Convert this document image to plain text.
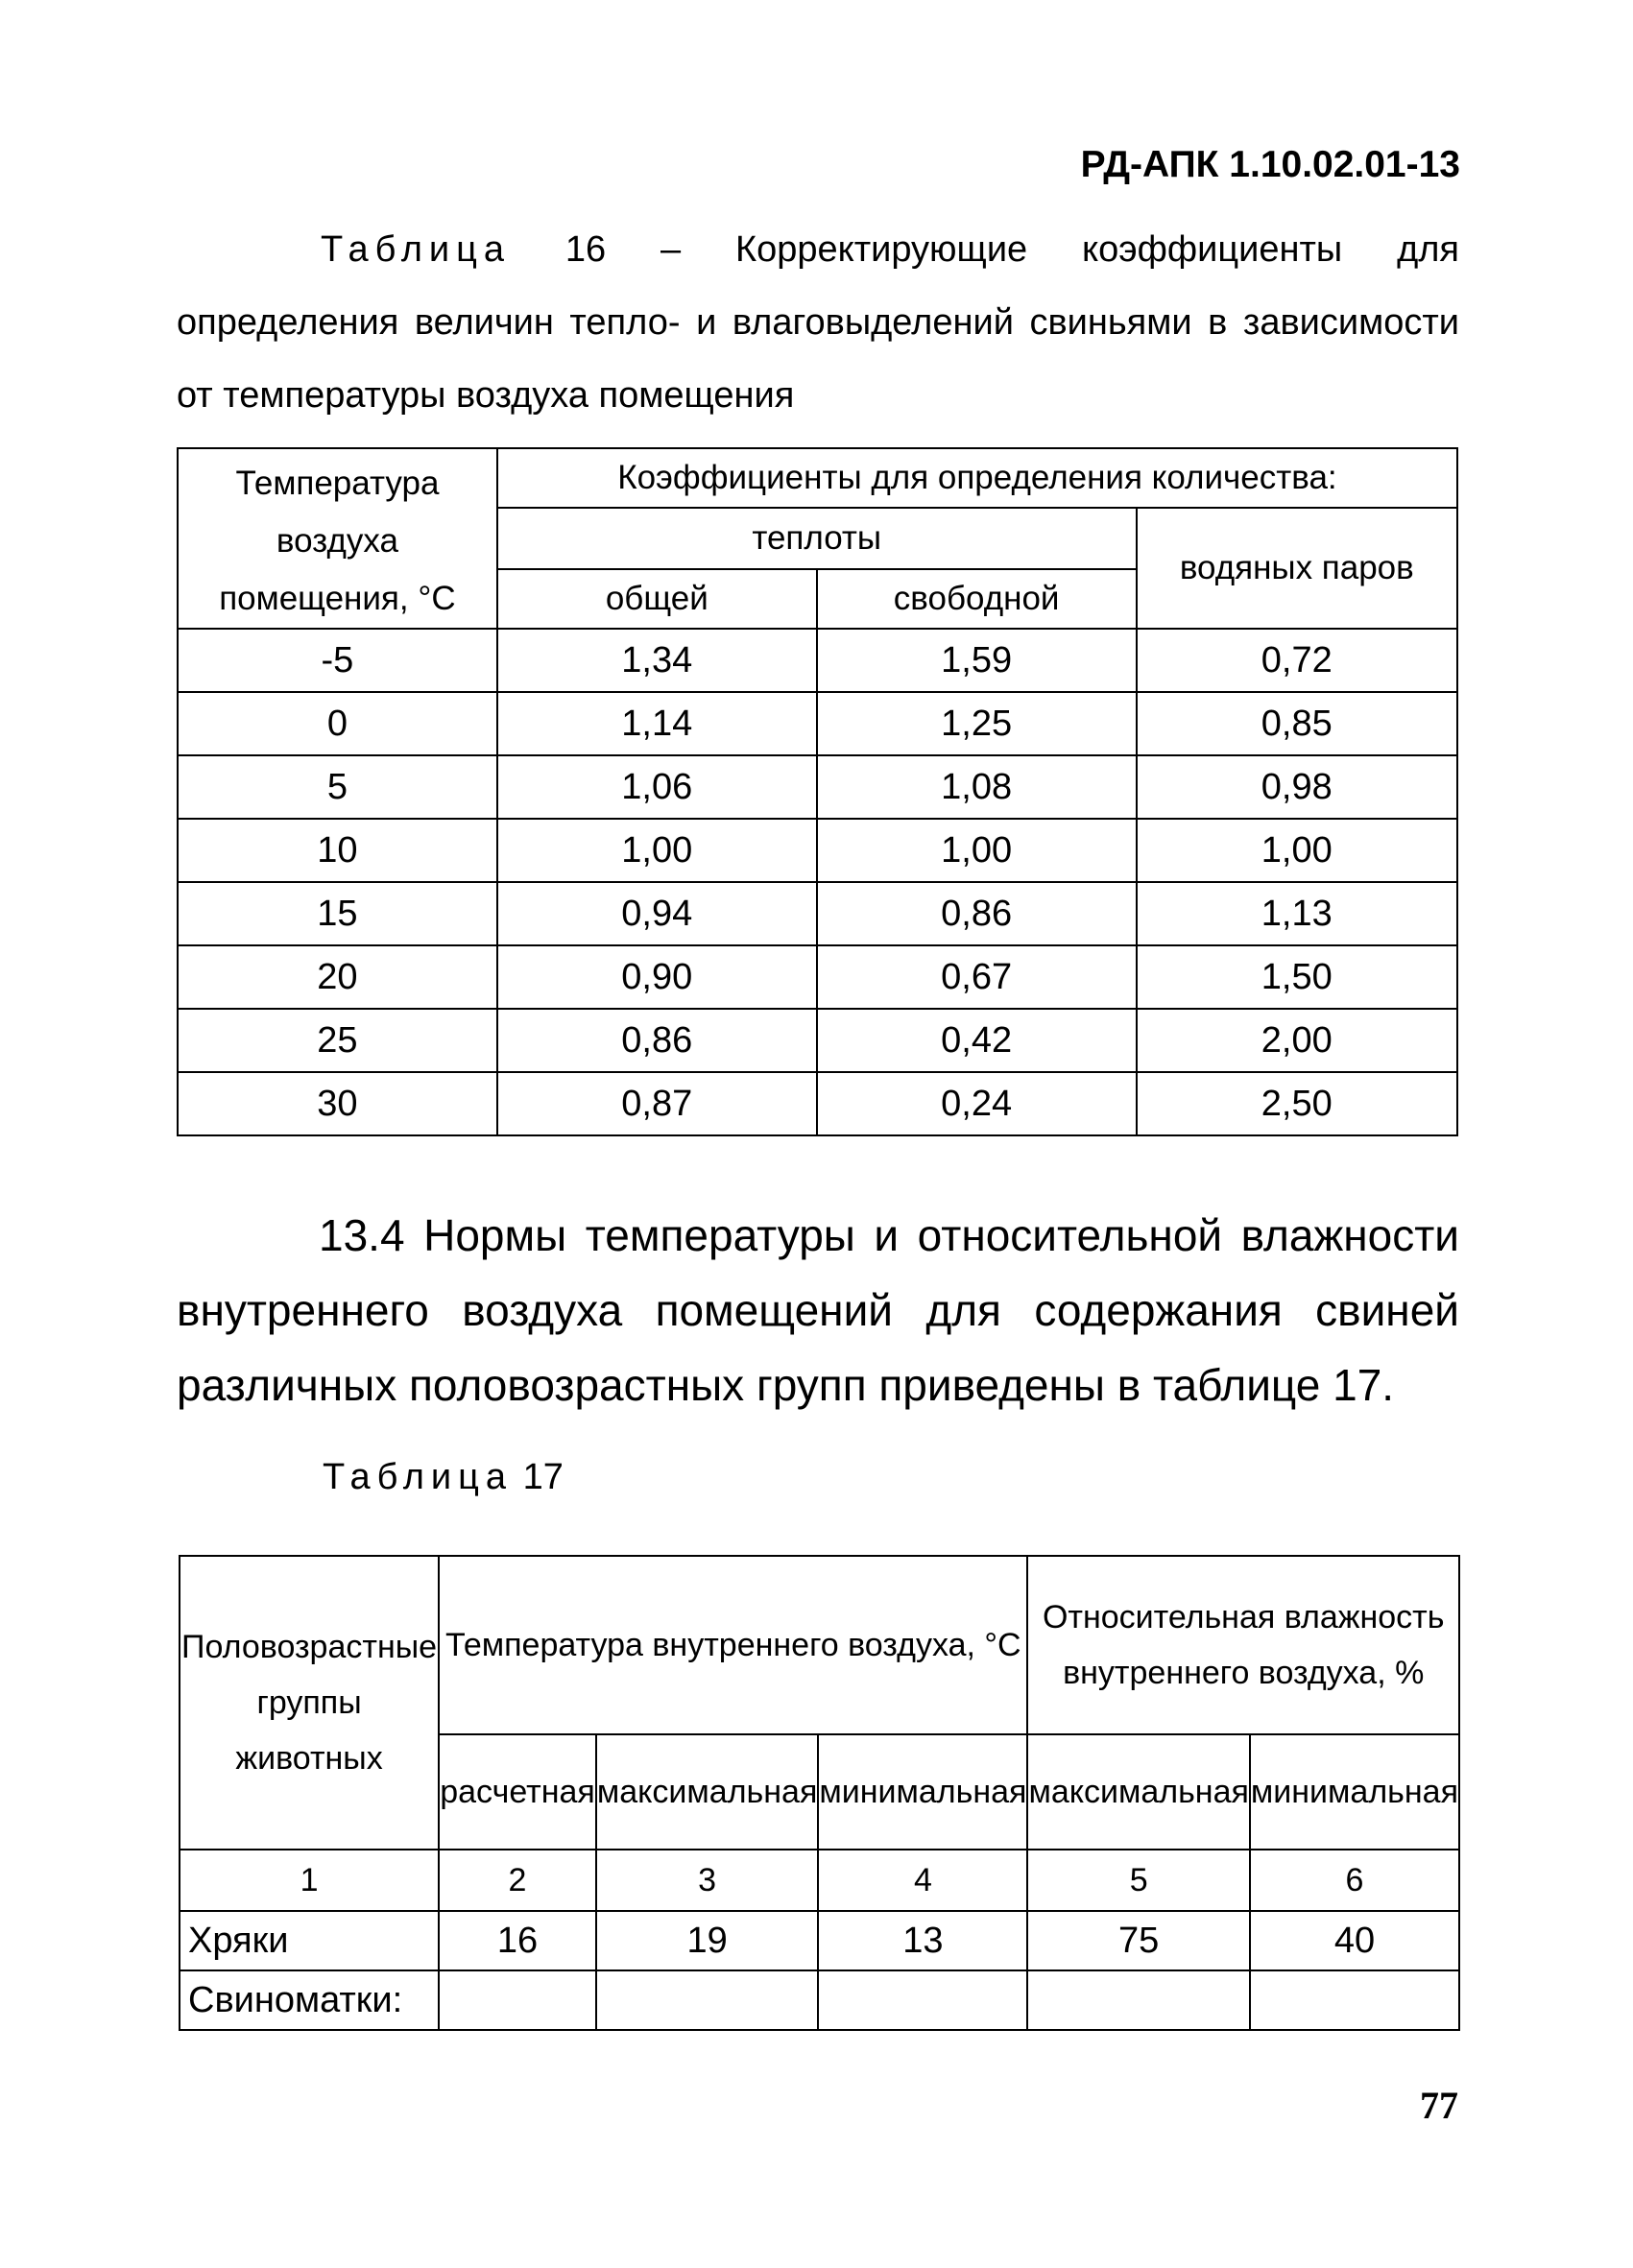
РД-АПК 1.10.02.01-13

Таблица 16 – Корректирующие коэффициенты для определения величин тепло- и влаговыделений свиньями в зависимости от температуры воздуха помещения

Температура воздуха помещения, °С	Коэффициенты для определения количества:		
	теплоты		водяных паров
	общей	свободной	
-5	1,34	1,59	0,72
0	1,14	1,25	0,85
5	1,06	1,08	0,98
10	1,00	1,00	1,00
15	0,94	0,86	1,13
20	0,90	0,67	1,50
25	0,86	0,42	2,00
30	0,87	0,24	2,50

13.4 Нормы температуры и относительной влажности внутреннего воздуха помещений для содержания свиней различных половозрастных групп приведены в таблице 17.

Таблица 17
Половозрастные группы животных	Температура внутреннего воздуха, °С			Относительная влажность внутреннего воздуха, %	
	расчетная	максимальная	минимальная	максимальная	минимальная
1	2	3	4	5	6
Хряки	16	19	13	75	40
Свиноматки:					
77
